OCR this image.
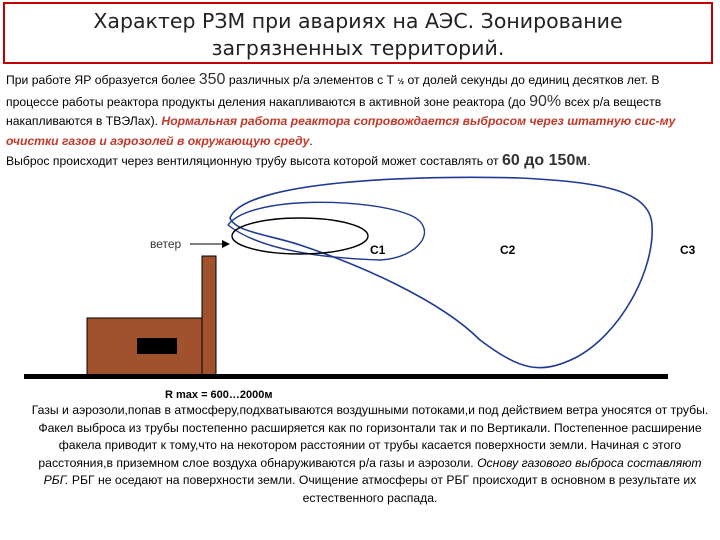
Характер РЗМ при авариях на АЭС. Зонирование
загрязненных территорий.
При работе ЯР образуется более 350 различных р/а элементов с Т ½ от долей секунды до единиц десятков лет. В процессе работы реактора продукты деления накапливаются в активной зоне реактора (до 90% всех р/а веществ накапливаются в ТВЭЛах). Нормальная работа реактора сопровождается выбросом через штатную сис-му очистки газов и аэрозолей в окружающую среду.
Выброс происходит через вентиляционную трубу высота которой может составлять от 60 до 150м.
ветер	С1	С2	С3
R max = 600…2000м
Газы и аэрозоли,попав в атмосферу,подхватываются воздушными потоками,и под действием ветра уносятся от трубы. Факел выброса из трубы постепенно расширяется как по горизонтали так и по Вертикали. Постепенное расширение факела приводит к тому,что на некотором расстоянии от трубы касается поверхности земли. Начиная с этого расстояния,в приземном слое воздуха обнаруживаются р/а газы и аэрозоли. Основу газового выброса составляют РБГ. РБГ не оседают на поверхности земли. Очищение атмосферы от РБГ происходит в основном в результате их естественного распада.
